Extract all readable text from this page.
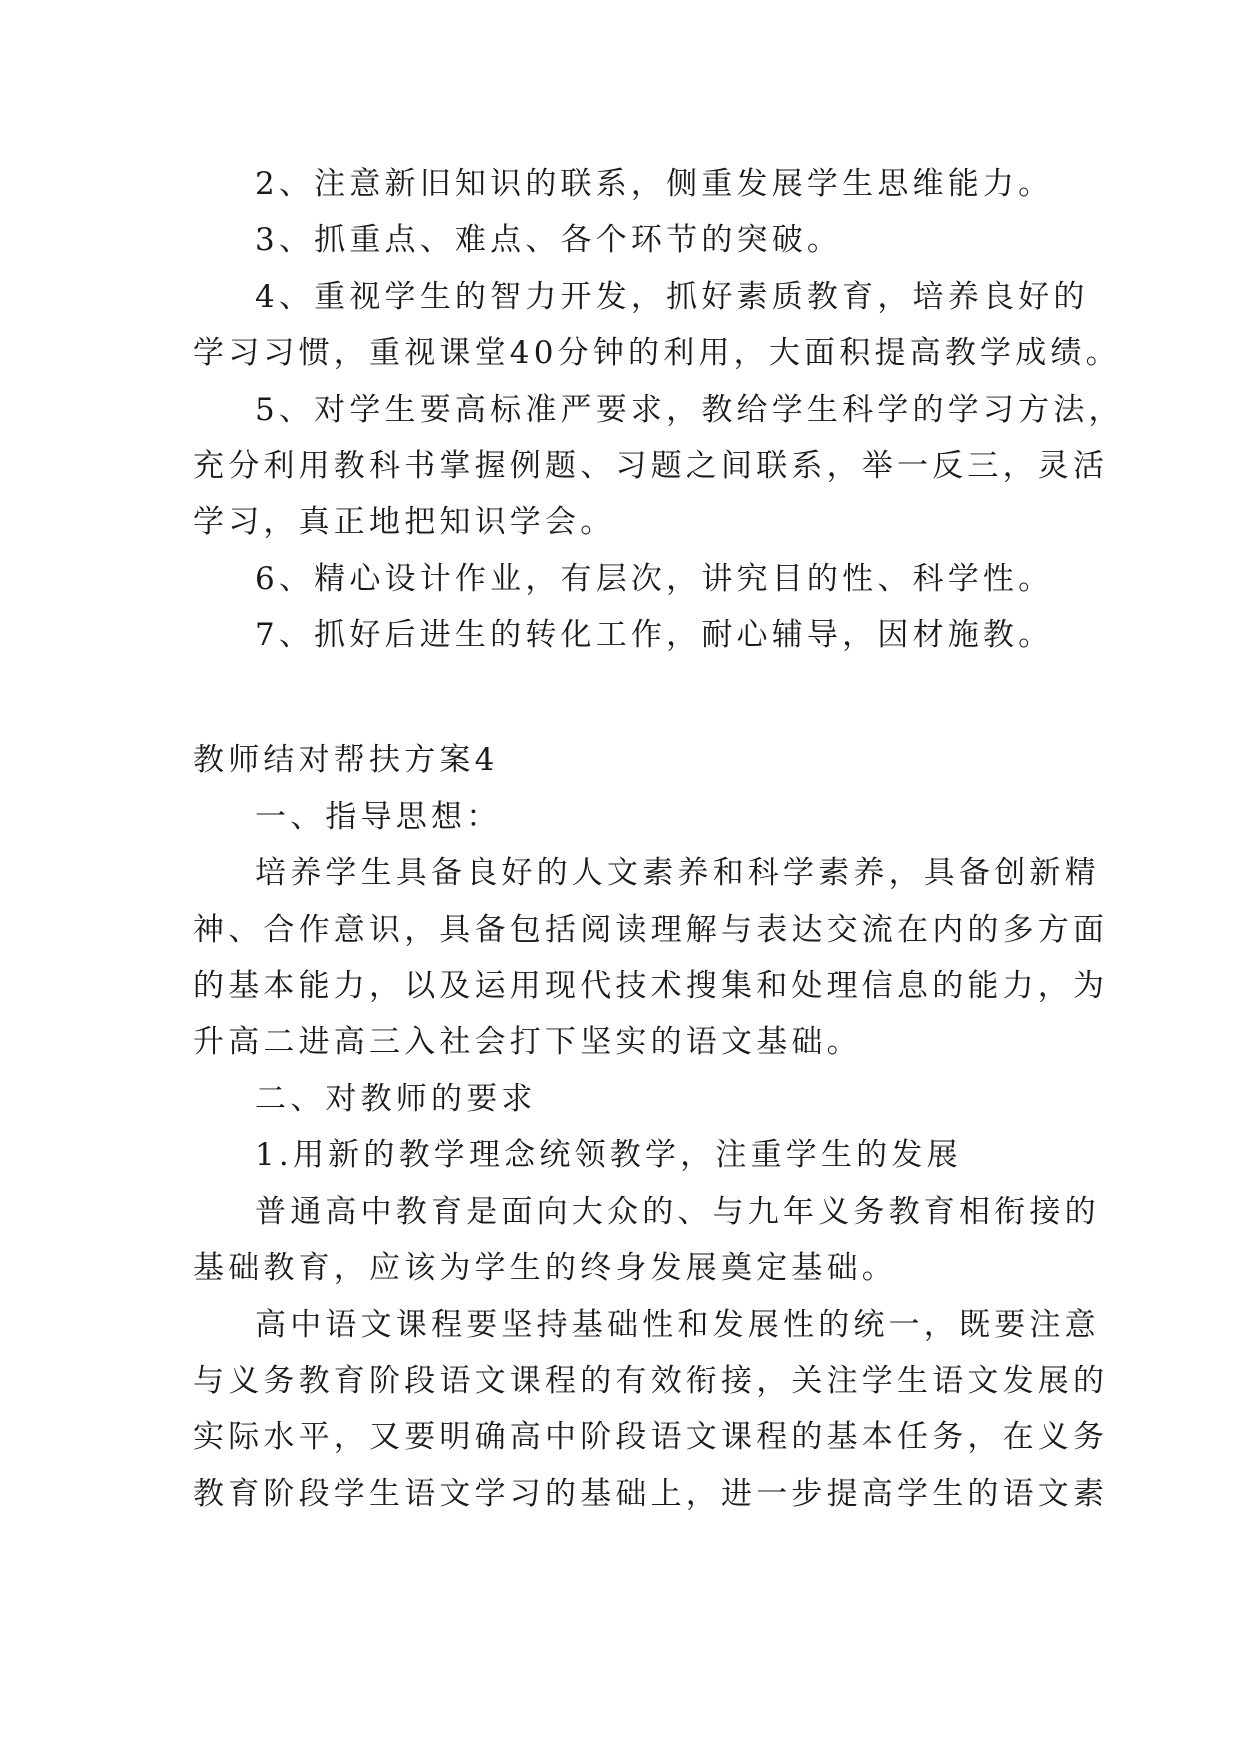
2、注意新旧知识的联系，侧重发展学生思维能力。
3、抓重点、难点、各个环节的突破。
4、重视学生的智力开发，抓好素质教育，培养良好的
学习习惯，重视课堂40分钟的利用，大面积提高教学成绩。
5、对学生要高标准严要求，教给学生科学的学习方法，
充分利用教科书掌握例题、习题之间联系，举一反三，灵活
学习，真正地把知识学会。
6、精心设计作业，有层次，讲究目的性、科学性。
7、抓好后进生的转化工作，耐心辅导，因材施教。
教师结对帮扶方案4
一、指导思想：
培养学生具备良好的人文素养和科学素养，具备创新精
神、合作意识，具备包括阅读理解与表达交流在内的多方面
的基本能力，以及运用现代技术搜集和处理信息的能力，为
升高二进高三入社会打下坚实的语文基础。
二、对教师的要求
1.用新的教学理念统领教学，注重学生的发展
普通高中教育是面向大众的、与九年义务教育相衔接的
基础教育，应该为学生的终身发展奠定基础。
高中语文课程要坚持基础性和发展性的统一，既要注意
与义务教育阶段语文课程的有效衔接，关注学生语文发展的
实际水平，又要明确高中阶段语文课程的基本任务，在义务
教育阶段学生语文学习的基础上，进一步提高学生的语文素
